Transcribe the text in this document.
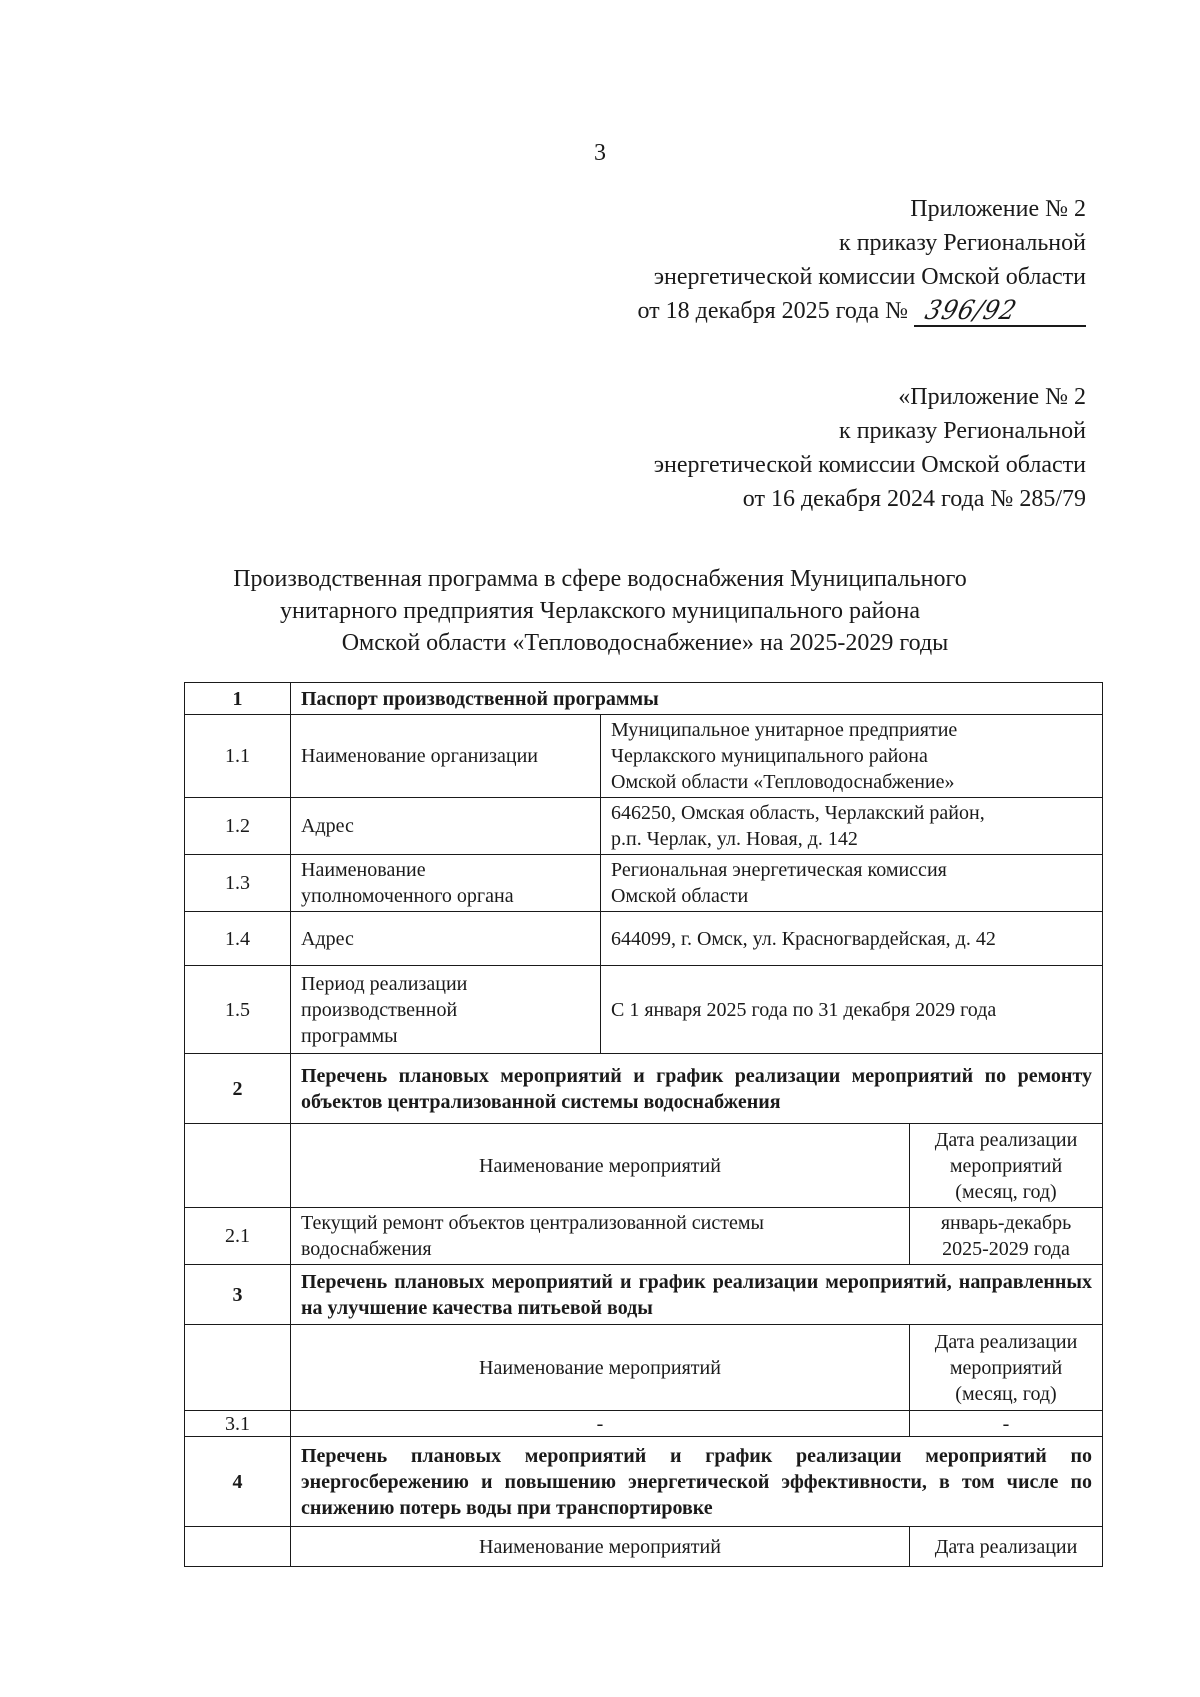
3
Приложение № 2
к приказу Региональной
энергетической комиссии Омской области
от 18 декабря 2025 года № 396/92
«Приложение № 2
к приказу Региональной
энергетической комиссии Омской области
от 16 декабря 2024 года № 285/79
Производственная программа в сфере водоснабжения Муниципального
унитарного предприятия Черлакского муниципального района
Омской области «Тепловодоснабжение» на 2025-2029 годы
1	Паспорт производственной программы		
1.1	Наименование организации	Муниципальное унитарное предприятие
Черлакского муниципального района
Омской области «Тепловодоснабжение»	

1.2	Адрес	646250, Омская область, Черлакский район,
р.п. Черлак, ул. Новая, д. 142	

1.3	Наименование
уполномоченного органа	Региональная энергетическая комиссия
Омской области	

1.4	Адрес	644099, г. Омск, ул. Красногвардейская, д. 42	
1.5	Период реализации
производственной
программы	С 1 января 2025 года по 31 декабря 2029 года	
2	Перечень плановых мероприятий и график реализации мероприятий по ремонту объектов централизованной системы водоснабжения		
	Наименование мероприятий		Дата реализации
мероприятий
(месяц, год)

2.1	Текущий ремонт объектов централизованной системы
водоснабжения		январь-декабрь
2025-2029 года

3	Перечень плановых мероприятий и график реализации мероприятий, направленных на улучшение качества питьевой воды		
	Наименование мероприятий		Дата реализации
мероприятий
(месяц, год)

3.1	-		-
4	Перечень плановых мероприятий и график реализации мероприятий по энергосбережению и повышению энергетической эффективности, в том числе по снижению потерь воды при транспортировке		
	Наименование мероприятий		Дата реализации
